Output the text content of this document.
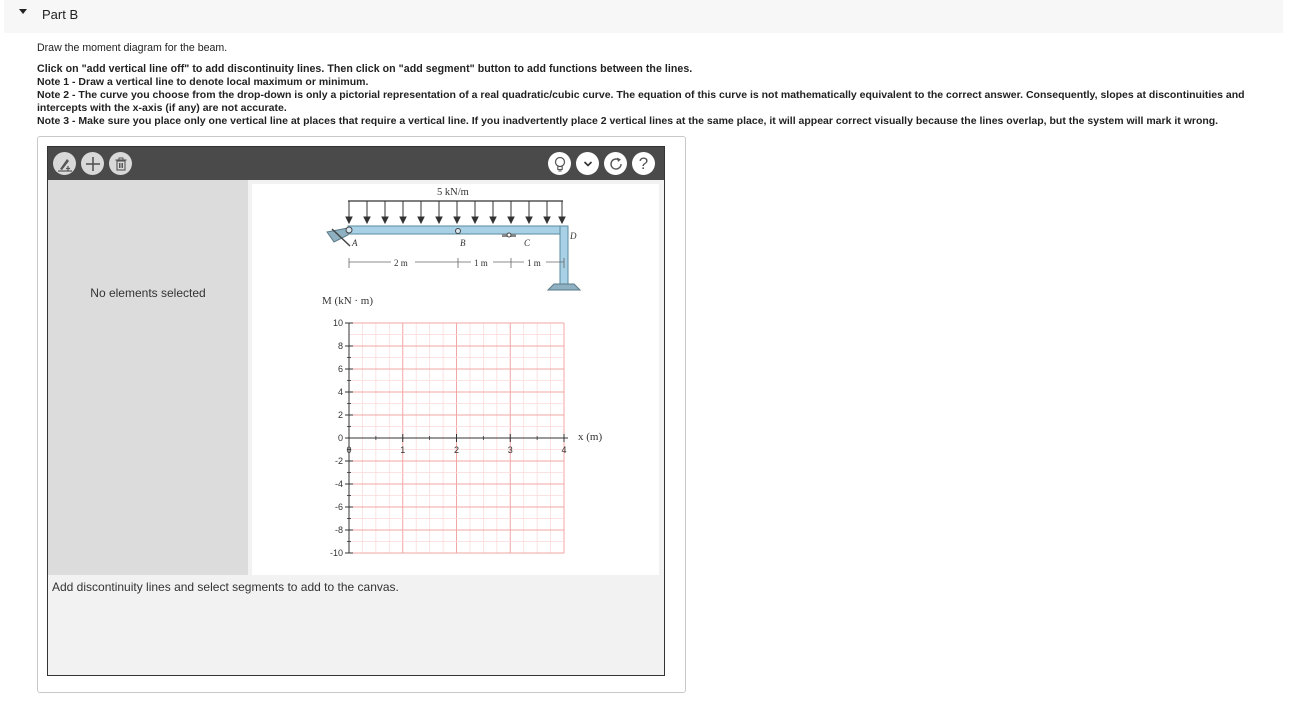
Part B
Draw the moment diagram for the beam.
Click on "add vertical line off" to add discontinuity lines. Then click on "add segment" button to add functions between the lines.
Note 1 - Draw a vertical line to denote local maximum or minimum.
Note 2 - The curve you choose from the drop-down is only a pictorial representation of a real quadratic/cubic curve. The equation of this curve is not mathematically equivalent to the correct answer. Consequently, slopes at discontinuities and intercepts with the x-axis (if any) are not accurate.
Note 3 - Make sure you place only one vertical line at places that require a vertical line. If you inadvertently place 2 vertical lines at the same place, it will appear correct visually because the lines overlap, but the system will mark it wrong.
?
No elements selected
5 kN/m
A	B	C
D
2 m	1 m	1 m
M (kN · m)
x (m)
10
8
6
4
2
0
-2
-4
-6
-8
-10
0	1	2	3	4
Add discontinuity lines and select segments to add to the canvas.
